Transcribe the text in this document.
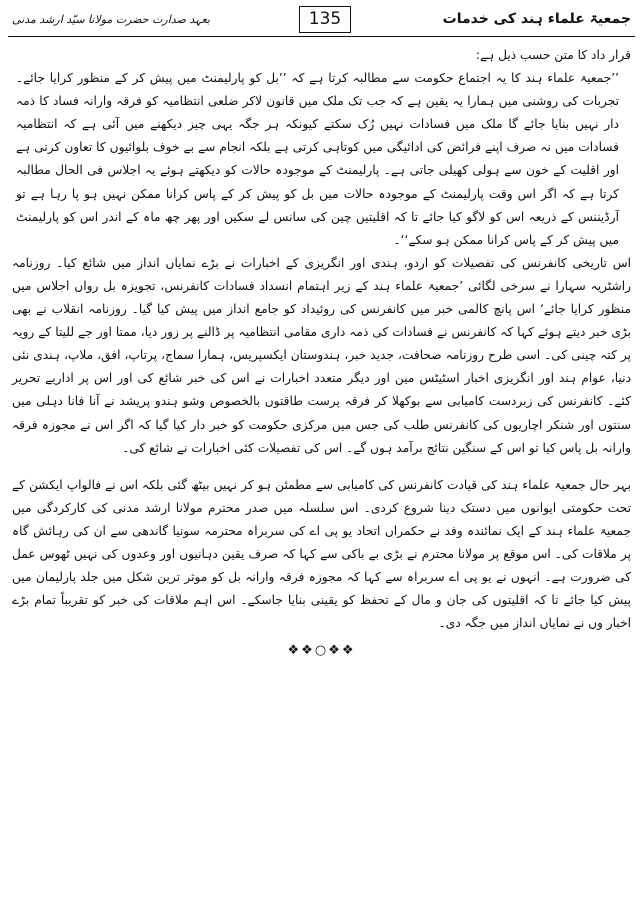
جمعیۃ علماء ہند کی خدمات
135
بعہد صدارت حضرت مولانا سیّد ارشد مدنی

قرار داد کا متن حسب ذیل ہے:

’’جمعیۃ علماء ہند کا یہ اجتماع حکومت سے مطالبہ کرتا ہے کہ ’’بل کو پارلیمنٹ میں پیش کر کے منظور کرایا جائے۔ تجربات کی روشنی میں ہمارا یہ یقین ہے کہ جب تک ملک میں قانون لاکر ضلعی انتظامیہ کو فرقہ وارانہ فساد کا ذمہ دار نہیں بنایا جائے گا ملک میں فسادات نہیں رُک سکتے کیونکہ ہر جگہ یہی چیز دیکھنے میں آئی ہے کہ انتظامیہ فسادات میں نہ صرف اپنے فرائض کی ادائیگی میں کوتاہی کرتی ہے بلکہ انجام سے بے خوف بلوائیوں کا تعاون کرتی ہے اور اقلیت کے خون سے ہولی کھیلی جاتی ہے۔ پارلیمنٹ کے موجودہ حالات کو دیکھتے ہوئے یہ اجلاس فی الحال مطالبہ کرتا ہے کہ اگر اس وقت پارلیمنٹ کے موجودہ حالات میں بل کو پیش کر کے پاس کرانا ممکن نہیں ہو پا رہا ہے تو آرڈیننس کے ذریعہ اس کو لاگو کیا جائے تا کہ اقلیتیں چین کی سانس لے سکیں اور پھر چھ ماہ کے اندر اس کو پارلیمنٹ میں پیش کر کے پاس کرانا ممکن ہو سکے‘‘۔

اس تاریخی کانفرنس کی تفصیلات کو اردو، ہندی اور انگریزی کے اخبارات نے بڑے نمایاں انداز میں شائع کیا۔ روزنامہ راشٹریہ سہارا نے سرخی لگائی ’جمعیۃ علماء ہند کے زیر اہتمام انسداد فسادات کانفرنس، تجویزہ بل رواں اجلاس میں منظور کرایا جائے‘ اس پانچ کالمی خبر میں کانفرنس کی روئیداد کو جامع انداز میں پیش کیا گیا۔ روزنامہ انقلاب نے بھی بڑی خبر دیتے ہوئے کہا کہ کانفرنس نے فسادات کی ذمہ داری مقامی انتظامیہ پر ڈالنے پر زور دیا، ممتا اور جے للیتا کے رویہ پر کتہ چینی کی۔ اسی طرح روزنامہ صحافت، جدید خبر، ہندوستان ایکسپریس، ہمارا سماج، پرتاپ، افق، ملاپ، ہندی نئی دنیا، عوام ہند اور انگریزی اخبار اسٹیٹس مین اور دیگر متعدد اخبارات نے اس کی خبر شائع کی اور اس پر اداریے تحریر کئے۔ کانفرنس کی زبردست کامیابی سے بوکھلا کر فرقہ پرست طاقتوں بالخصوص وشو ہندو پریشد نے آنا فانا دہلی میں سنتوں اور شنکر اچاریوں کی کانفرنس طلب کی جس میں مرکزی حکومت کو خبر دار کیا گیا کہ اگر اس نے مجوزہ فرقہ وارانہ بل پاس کیا تو اس کے سنگین نتائج برآمد ہوں گے۔ اس کی تفصیلات کئی اخبارات نے شائع کی۔

بہر حال جمعیۃ علماء ہند کی قیادت کانفرنس کی کامیابی سے مطمئن ہو کر نہیں بیٹھ گئی بلکہ اس نے فالواپ ایکشن کے تحت حکومتی ایوانوں میں دستک دینا شروع کردی۔ اس سلسلہ میں صدر محترم مولانا ارشد مدنی کی کارکردگی میں جمعیۃ علماء ہند کے ایک نمائندہ وفد نے حکمراں اتحاد یو پی اے کی سربراہ محترمہ سونیا گاندھی سے ان کی رہائش گاہ پر ملاقات کی۔ اس موقع پر مولانا محترم نے بڑی بے باکی سے کہا کہ صرف یقین دہانیوں اور وعدوں کی نہیں ٹھوس عمل کی ضرورت ہے۔ انہوں نے یو پی اے سربراہ سے کہا کہ مجوزہ فرقہ وارانہ بل کو موثر ترین شکل میں جلد پارلیمان میں پیش کیا جائے تا کہ اقلیتوں کی جان و مال کے تحفظ کو یقینی بنایا جاسکے۔ اس اہم ملاقات کی خبر کو تقریباً تمام بڑے اخبار وں نے نمایاں انداز میں جگہ دی۔

❖❖○❖❖
